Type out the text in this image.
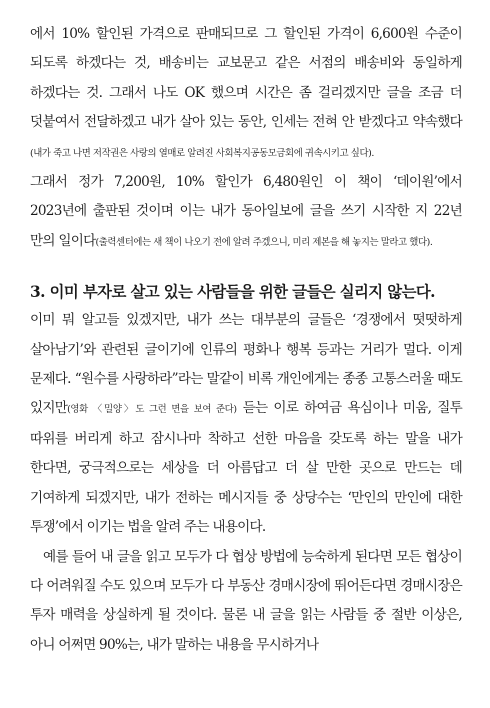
에서 10% 할인된 가격으로 판매되므로 그 할인된 가격이 6,600원 수준이 되도록 하겠다는 것, 배송비는 교보문고 같은 서점의 배송비와 동일하게 하겠다는 것. 그래서 나도 OK 했으며 시간은 좀 걸리겠지만 글을 조금 더 덧붙여서 전달하겠고 내가 살아 있는 동안, 인세는 전혀 안 받겠다고 약속했다(내가 죽고 나면 저작권은 사랑의 열매로 알려진 사회복지공동모금회에 귀속시키고 싶다).

그래서 정가 7,200원, 10% 할인가 6,480원인 이 책이 ‘데이원’에서 2023년에 출판된 것이며 이는 내가 동아일보에 글을 쓰기 시작한 지 22년 만의 일이다(출력센터에는 새 책이 나오기 전에 알려 주겠으니, 미리 제본을 해 놓지는 말라고 했다).

3. 이미 부자로 살고 있는 사람들을 위한 글들은 실리지 않는다.

이미 뭐 알고들 있겠지만, 내가 쓰는 대부분의 글들은 ‘경쟁에서 떳떳하게 살아남기’와 관련된 글이기에 인류의 평화나 행복 등과는 거리가 멀다. 이게 문제다. “원수를 사랑하라”라는 말같이 비록 개인에게는 종종 고통스러울 때도 있지만(영화 〈밀양〉도 그런 면을 보여 준다) 듣는 이로 하여금 욕심이나 미움, 질투 따위를 버리게 하고 잠시나마 착하고 선한 마음을 갖도록 하는 말을 내가 한다면, 궁극적으로는 세상을 더 아름답고 더 살 만한 곳으로 만드는 데 기여하게 되겠지만, 내가 전하는 메시지들 중 상당수는 ‘만인의 만인에 대한 투쟁’에서 이기는 법을 알려 주는 내용이다.

예를 들어 내 글을 읽고 모두가 다 협상 방법에 능숙하게 된다면 모든 협상이 다 어려워질 수도 있으며 모두가 다 부동산 경매시장에 뛰어든다면 경매시장은 투자 매력을 상실하게 될 것이다. 물론 내 글을 읽는 사람들 중 절반 이상은, 아니 어쩌면 90%는, 내가 말하는 내용을 무시하거나
